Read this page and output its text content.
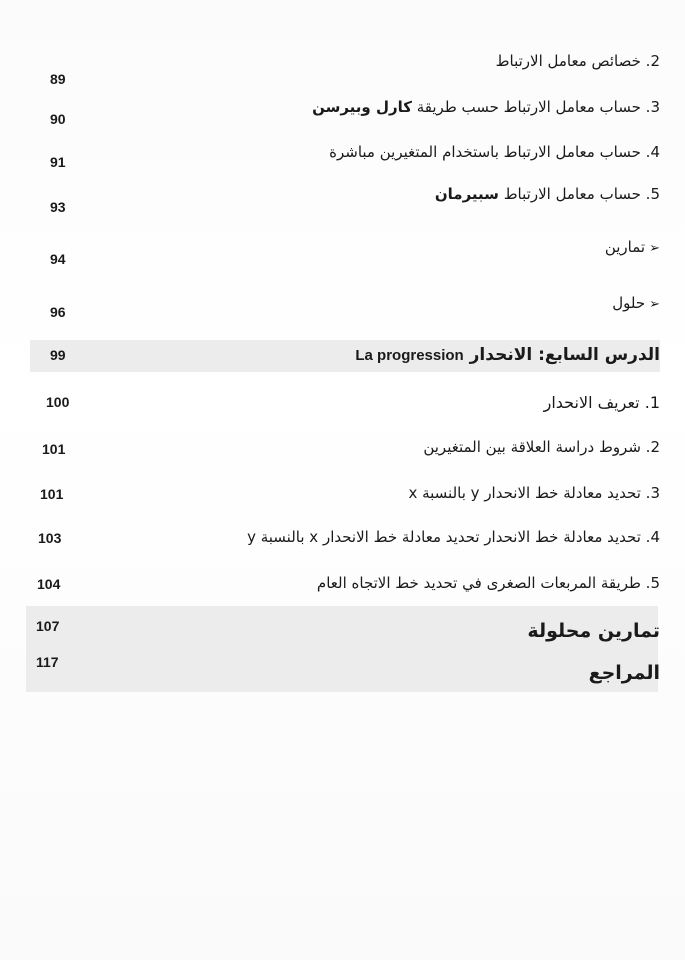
2. خصائص معامل الارتباط
89
3. حساب معامل الارتباط حسب طريقة كارل وبيرسن
90
4. حساب معامل الارتباط باستخدام المتغيرين مباشرة
91
5. حساب معامل الارتباط سبيرمان
93
➢تمارين
94
➢حلول
96
الدرس السابع: الانحدار La progression
99
1. تعريف الانحدار
100
2. شروط دراسة العلاقة بين المتغيرين
101
3. تحديد معادلة خط الانحدار y بالنسبة x
101
4. تحديد معادلة خط الانحدار تحديد معادلة خط الانحدار x بالنسبة y
103
5. طريقة المربعات الصغرى في تحديد خط الاتجاه العام
104
تمارين محلولة
107
المراجع
117
